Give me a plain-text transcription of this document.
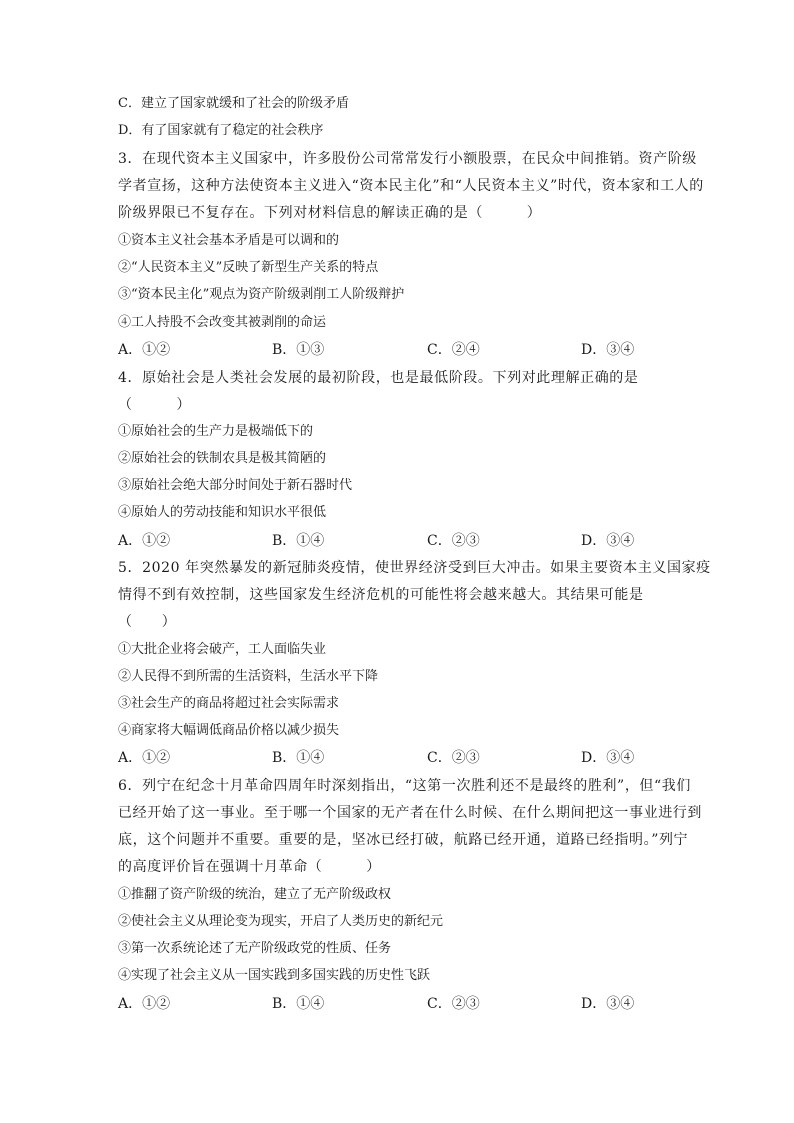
C．建立了国家就缓和了社会的阶级矛盾
D．有了国家就有了稳定的社会秩序
3．在现代资本主义国家中，许多股份公司常常发行小额股票，在民众中间推销。资产阶级
学者宣扬，这种方法使资本主义进入“资本民主化”和“人民资本主义”时代，资本家和工人的
阶级界限已不复存在。下列对材料信息的解读正确的是（　　　）
①资本主义社会基本矛盾是可以调和的
②“人民资本主义”反映了新型生产关系的特点
③“资本民主化”观点为资产阶级剥削工人阶级辩护
④工人持股不会改变其被剥削的命运
A．①②	B．①③	C．②④	D．③④
4．原始社会是人类社会发展的最初阶段，也是最低阶段。下列对此理解正确的是
（　　　）
①原始社会的生产力是极端低下的
②原始社会的铁制农具是极其简陋的
③原始社会绝大部分时间处于新石器时代
④原始人的劳动技能和知识水平很低
A．①②	B．①④	C．②③	D．③④
5．2020 年突然暴发的新冠肺炎疫情，使世界经济受到巨大冲击。如果主要资本主义国家疫
情得不到有效控制，这些国家发生经济危机的可能性将会越来越大。其结果可能是
（　　）
①大批企业将会破产，工人面临失业
②人民得不到所需的生活资料，生活水平下降
③社会生产的商品将超过社会实际需求
④商家将大幅调低商品价格以减少损失
A．①②	B．①④	C．②③	D．③④
6．列宁在纪念十月革命四周年时深刻指出，“这第一次胜利还不是最终的胜利”，但“我们
已经开始了这一事业。至于哪一个国家的无产者在什么时候、在什么期间把这一事业进行到
底，这个问题并不重要。重要的是，坚冰已经打破，航路已经开通，道路已经指明。”列宁
的高度评价旨在强调十月革命（　　　）
①推翻了资产阶级的统治，建立了无产阶级政权
②使社会主义从理论变为现实，开启了人类历史的新纪元
③第一次系统论述了无产阶级政党的性质、任务
④实现了社会主义从一国实践到多国实践的历史性飞跃
A．①②	B．①④	C．②③	D．③④
